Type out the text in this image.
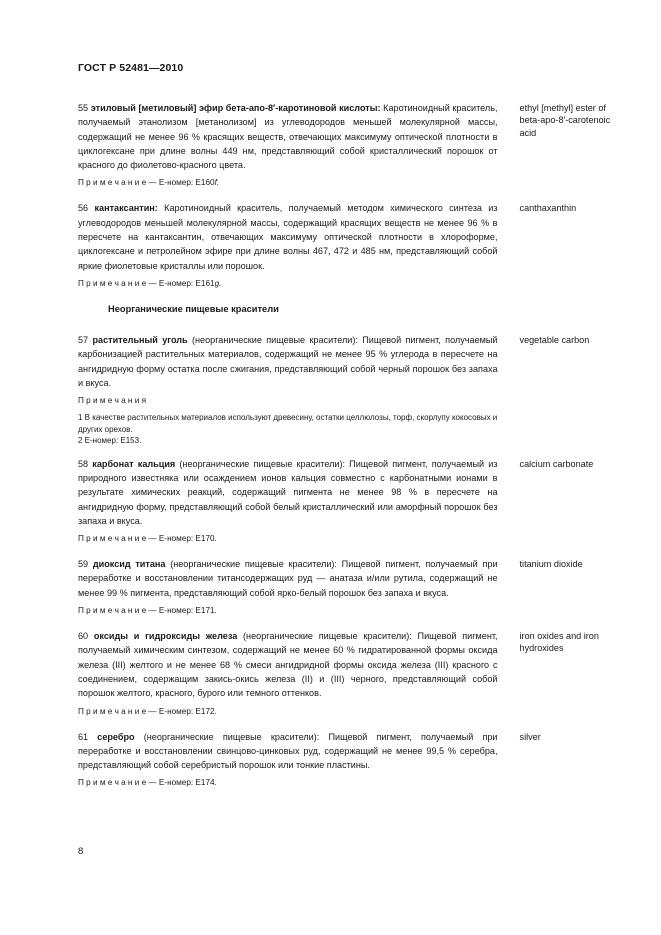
ГОСТ Р 52481—2010
55 этиловый [метиловый] эфир бета-апо-8′-каротиновой кислоты: Каротиноидный краситель, получаемый этанолизом [метанолизом] из углеводородов меньшей молекулярной массы, содержащий не менее 96 % красящих веществ, отвечающих максимуму оптической плотности в циклогексане при длине волны 449 нм, представляющий собой кристаллический порошок от красного до фиолетово-красного цвета.
ethyl [methyl] ester of beta-apo-8′-carotenoic acid
П р и м е ч а н и е — Е-номер: Е160f.
56 кантаксантин: Каротиноидный краситель, получаемый методом химического синтеза из углеводородов меньшей молекулярной массы, содержащий красящих веществ не менее 96 % в пересчете на кантаксантин, отвечающих максимуму оптической плотности в хлороформе, циклогексане и петролейном эфире при длине волны 467, 472 и 485 нм, представляющий собой яркие фиолетовые кристаллы или порошок.
canthaxanthin
П р и м е ч а н и е — Е-номер: Е161g.
Неорганические пищевые красители
57 растительный уголь (неорганические пищевые красители): Пищевой пигмент, получаемый карбонизацией растительных материалов, содержащий не менее 95 % углерода в пересчете на ангидридную форму остатка после сжигания, представляющий собой черный порошок без запаха и вкуса.
vegetable carbon
П р и м е ч а н и я
1 В качестве растительных материалов используют древесину, остатки целлюлозы, торф, скорлупу кокосовых и других орехов.
2 Е-номер: Е153.
58 карбонат кальция (неорганические пищевые красители): Пищевой пигмент, получаемый из природного известняка или осаждением ионов кальция совместно с карбонатными ионами в результате химических реакций, содержащий пигмента не менее 98 % в пересчете на ангидридную форму, представляющий собой белый кристаллический или аморфный порошок без запаха и вкуса.
calcium carbonate
П р и м е ч а н и е — Е-номер: Е170.
59 диоксид титана (неорганические пищевые красители): Пищевой пигмент, получаемый при переработке и восстановлении титансодержащих руд — анатаза и/или рутила, содержащий не менее 99 % пигмента, представляющий собой ярко-белый порошок без запаха и вкуса.
titanium dioxide
П р и м е ч а н и е — Е-номер: Е171.
60 оксиды и гидроксиды железа (неорганические пищевые красители): Пищевой пигмент, получаемый химическим синтезом, содержащий не менее 60 % гидратированной формы оксида железа (III) желтого и не менее 68 % смеси ангидридной формы оксида железа (III) красного с соединением, содержащим закись-окись железа (II) и (III) черного, представляющий собой порошок желтого, красного, бурого или темного оттенков.
iron oxides and iron hydroxides
П р и м е ч а н и е — Е-номер: Е172.
61 серебро (неорганические пищевые красители): Пищевой пигмент, получаемый при переработке и восстановлении свинцово-цинковых руд, содержащий не менее 99,5 % серебра, представляющий собой серебристый порошок или тонкие пластины.
silver
П р и м е ч а н и е — Е-номер: Е174.
8
